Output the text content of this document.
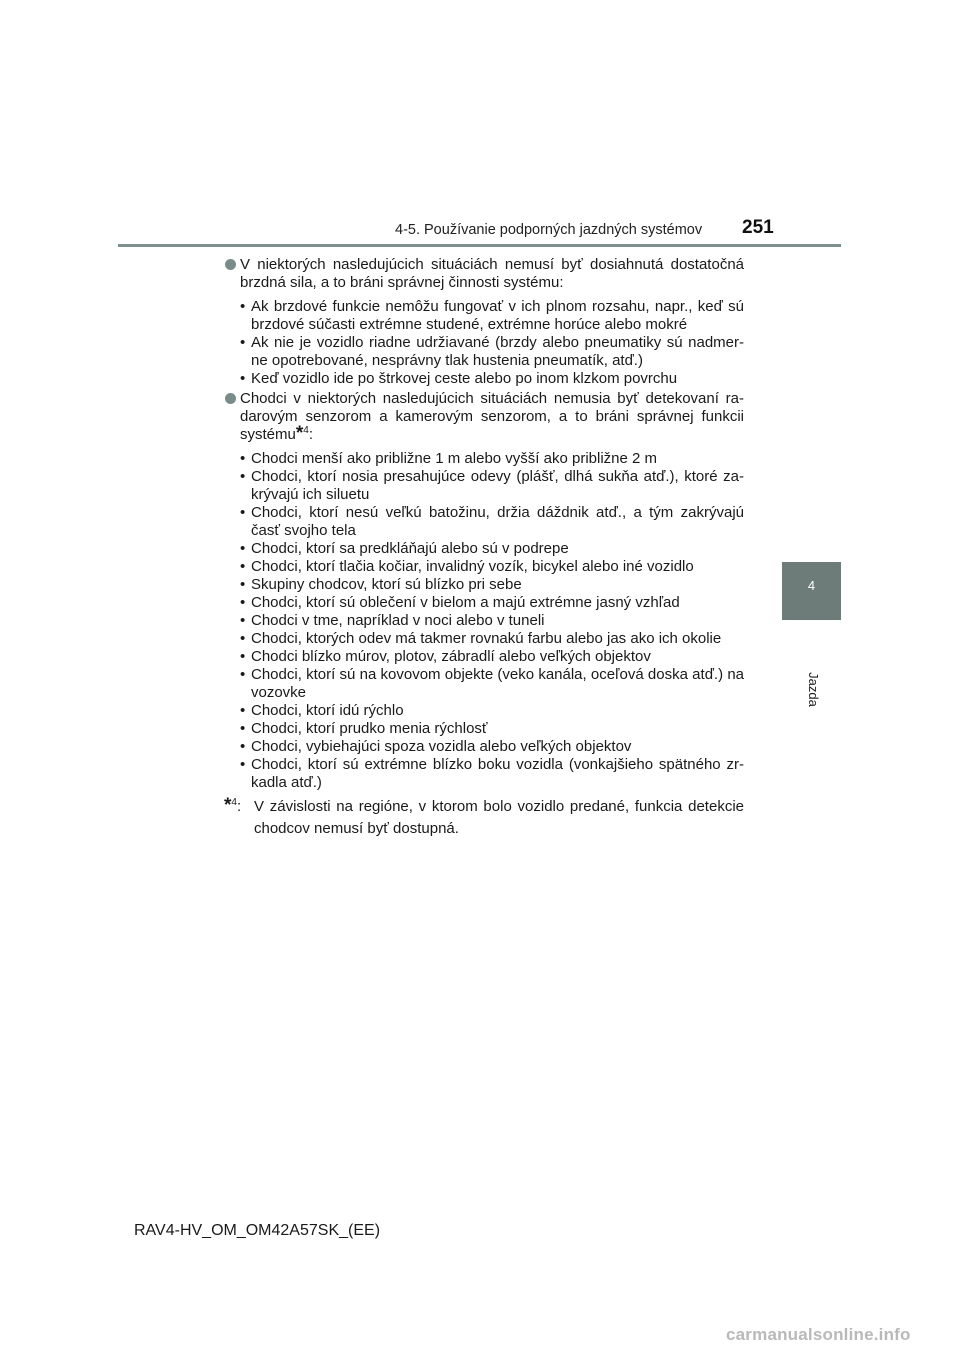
4-5. Používanie podporných jazdných systémov 251
4
Jazda
V niektorých nasledujúcich situáciách nemusí byť dosiahnutá dostatočná brzdná sila, a to bráni správnej činnosti systému:
• Ak brzdové funkcie nemôžu fungovať v ich plnom rozsahu, napr., keď sú brzdové súčasti extrémne studené, extrémne horúce alebo mokré
• Ak nie je vozidlo riadne udržiavané (brzdy alebo pneumatiky sú nadmer-ne opotrebované, nesprávny tlak hustenia pneumatík, atď.)
• Keď vozidlo ide po štrkovej ceste alebo po inom klzkom povrchu
Chodci v niektorých nasledujúcich situáciách nemusia byť detekovaní ra-darovým senzorom a kamerovým senzorom, a to bráni správnej funkcii systému*$^4$:
• Chodci menší ako približne 1 m alebo vyšší ako približne 2 m
• Chodci, ktorí nosia presahujúce odevy (plášť, dlhá sukňa atď.), ktoré za-krývajú ich siluetu
• Chodci, ktorí nesú veľkú batožinu, držia dáždnik atď., a tým zakrývajú časť svojho tela
• Chodci, ktorí sa predkláňajú alebo sú v podrepe
• Chodci, ktorí tlačia kočiar, invalidný vozík, bicykel alebo iné vozidlo
• Skupiny chodcov, ktorí sú blízko pri sebe
• Chodci, ktorí sú oblečení v bielom a majú extrémne jasný vzhľad
• Chodci v tme, napríklad v noci alebo v tuneli
• Chodci, ktorých odev má takmer rovnakú farbu alebo jas ako ich okolie
• Chodci blízko múrov, plotov, zábradlí alebo veľkých objektov
• Chodci, ktorí sú na kovovom objekte (veko kanála, oceľová doska atď.) na vozovke
• Chodci, ktorí idú rýchlo
• Chodci, ktorí prudko menia rýchlosť
• Chodci, vybiehajúci spoza vozidla alebo veľkých objektov
• Chodci, ktorí sú extrémne blízko boku vozidla (vonkajšieho spätného zr-kadla atď.)
*$^4$: V závislosti na regióne, v ktorom bolo vozidlo predané, funkcia detekcie chodcov nemusí byť dostupná.
RAV4-HV_OM_OM42A57SK_(EE)
carmanualsonline.info
